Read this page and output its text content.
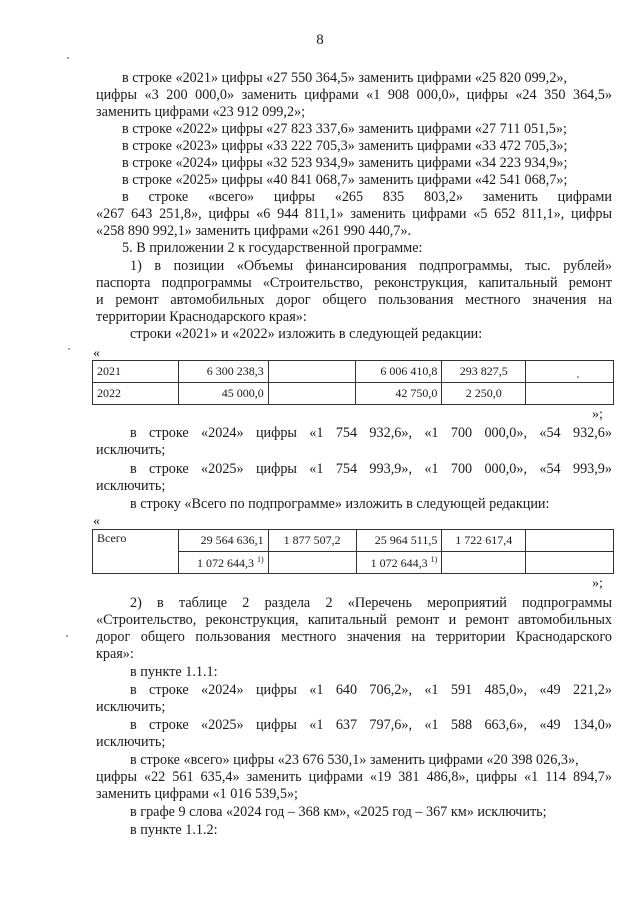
8
в строке «2021» цифры «27 550 364,5» заменить цифрами «25 820 099,2»,
цифры «3 200 000,0» заменить цифрами «1 908 000,0», цифры «24 350 364,5»
заменить цифрами «23 912 099,2»;
в строке «2022» цифры «27 823 337,6» заменить цифрами «27 711 051,5»;
в строке «2023» цифры «33 222 705,3» заменить цифрами «33 472 705,3»;
в строке «2024» цифры «32 523 934,9» заменить цифрами «34 223 934,9»;
в строке «2025» цифры «40 841 068,7» заменить цифрами «42 541 068,7»;
в строке «всего» цифры «265 835 803,2» заменить цифрами
«267 643 251,8», цифры «6 944 811,1» заменить цифрами «5 652 811,1», цифры
«258 890 992,1» заменить цифрами «261 990 440,7».
5. В приложении 2 к государственной программе:
1) в позиции «Объемы финансирования подпрограммы, тыс. рублей»
паспорта подпрограммы «Строительство, реконструкция, капитальный ремонт
и ремонт автомобильных дорог общего пользования местного значения на
территории Краснодарского края»:
строки «2021» и «2022» изложить в следующей редакции:
«
2021	6 300 238,3		6 006 410,8	293 827,5	
2022	45 000,0		42 750,0	2 250,0	
»;
в строке «2024» цифры «1 754 932,6», «1 700 000,0», «54 932,6»
исключить;
в строке «2025» цифры «1 754 993,9», «1 700 000,0», «54 993,9»
исключить;
в строку «Всего по подпрограмме» изложить в следующей редакции:
«
Всего	29 564 636,1	1 877 507,2	25 964 511,5	1 722 617,4	
	1 072 644,3 $^{1)}$		1 072 644,3 $^{1)}$		
»;
2) в таблице 2 раздела 2 «Перечень мероприятий подпрограммы
«Строительство, реконструкция, капитальный ремонт и ремонт автомобильных
дорог общего пользования местного значения на территории Краснодарского
края»:
в пункте 1.1.1:
в строке «2024» цифры «1 640 706,2», «1 591 485,0», «49 221,2»
исключить;
в строке «2025» цифры «1 637 797,6», «1 588 663,6», «49 134,0»
исключить;
в строке «всего» цифры «23 676 530,1» заменить цифрами «20 398 026,3»,
цифры «22 561 635,4» заменить цифрами «19 381 486,8», цифры «1 114 894,7»
заменить цифрами «1 016 539,5»;
в графе 9 слова «2024 год – 368 км», «2025 год – 367 км» исключить;
в пункте 1.1.2:
